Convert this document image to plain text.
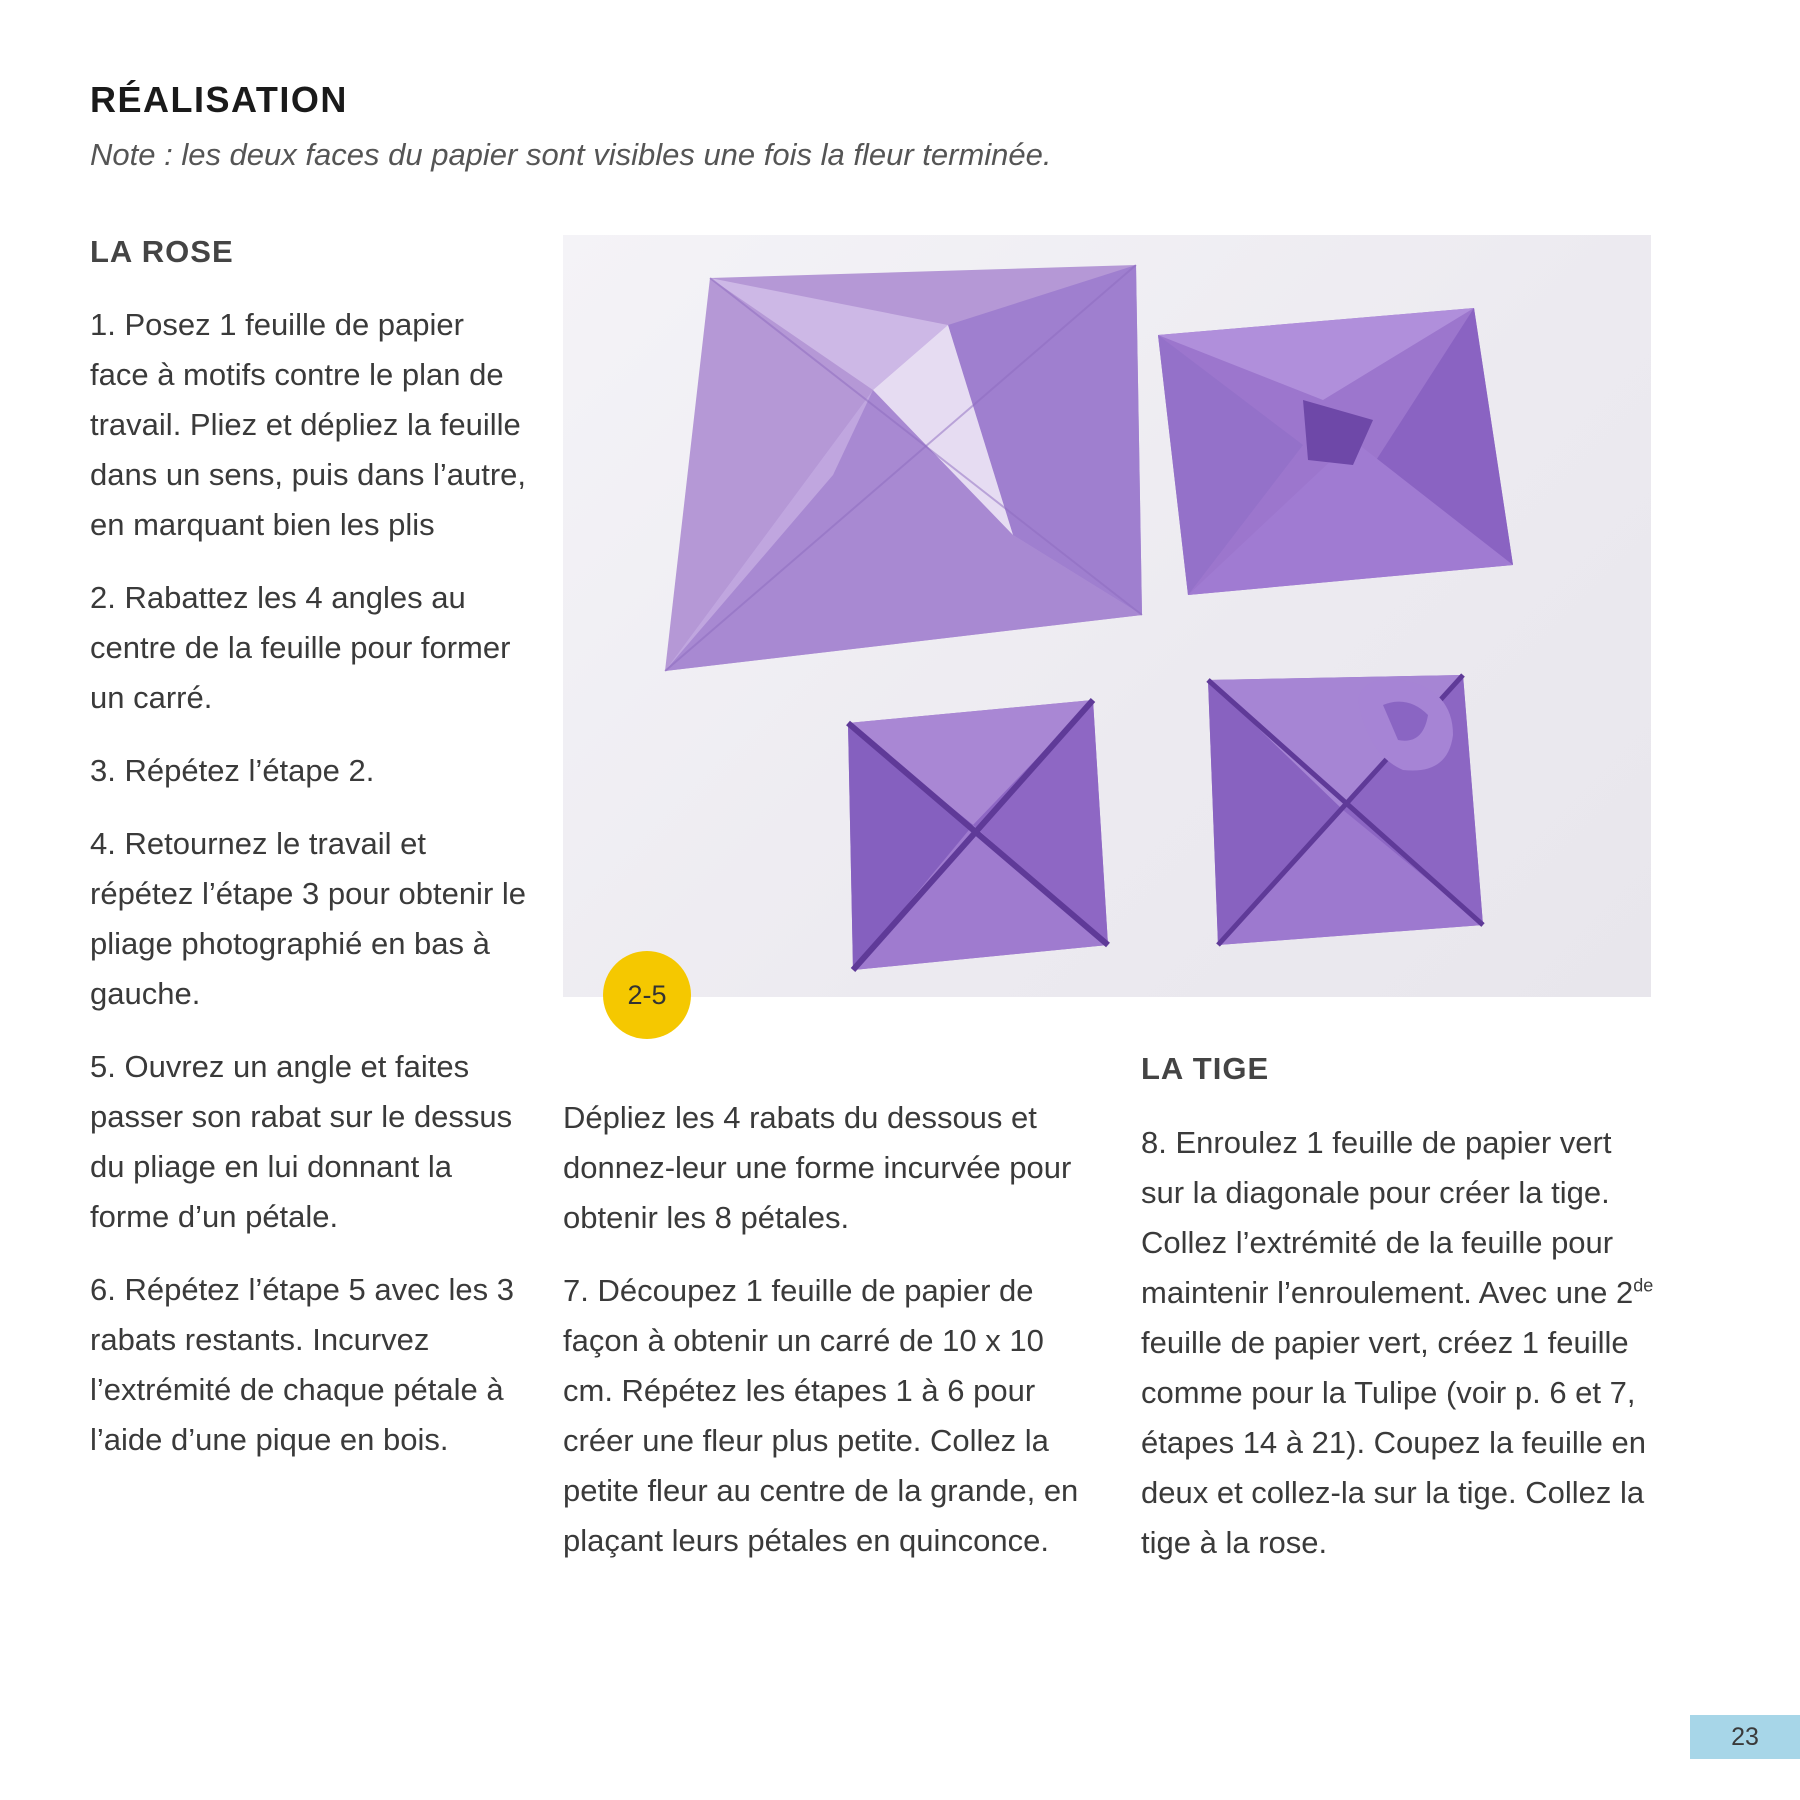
RÉALISATION

Note : les deux faces du papier sont visibles une fois la fleur terminée.

LA ROSE

1. Posez 1 feuille de papier face à motifs contre le plan de travail. Pliez et dépliez la feuille dans un sens, puis dans l’autre, en marquant bien les plis

2. Rabattez les 4 angles au centre de la feuille pour former un carré.

3. Répétez l’étape 2.

4. Retournez le travail et répétez l’étape 3 pour obtenir le pliage photographié en bas à gauche.

5. Ouvrez un angle et faites passer son rabat sur le dessus du pliage en lui donnant la forme d’un pétale.

6. Répétez l’étape 5 avec les 3 rabats restants. Incurvez l’extrémité de chaque pétale à l’aide d’une pique en bois.

2-5

Dépliez les 4 rabats du dessous et donnez-leur une forme incurvée pour obtenir les 8 pétales.

7. Découpez 1 feuille de papier de façon à obtenir un carré de 10 x 10 cm. Répétez les étapes 1 à 6 pour créer une fleur plus petite. Collez la petite fleur au centre de la grande, en plaçant leurs pétales en quinconce.

LA TIGE

8. Enroulez 1 feuille de papier vert sur la diagonale pour créer la tige. Collez l’extrémité de la feuille pour maintenir l’enroulement. Avec une 2de feuille de papier vert, créez 1 feuille comme pour la Tulipe (voir p. 6 et 7, étapes 14 à 21). Coupez la feuille en deux et collez-la sur la tige. Collez la tige à la rose.

23
